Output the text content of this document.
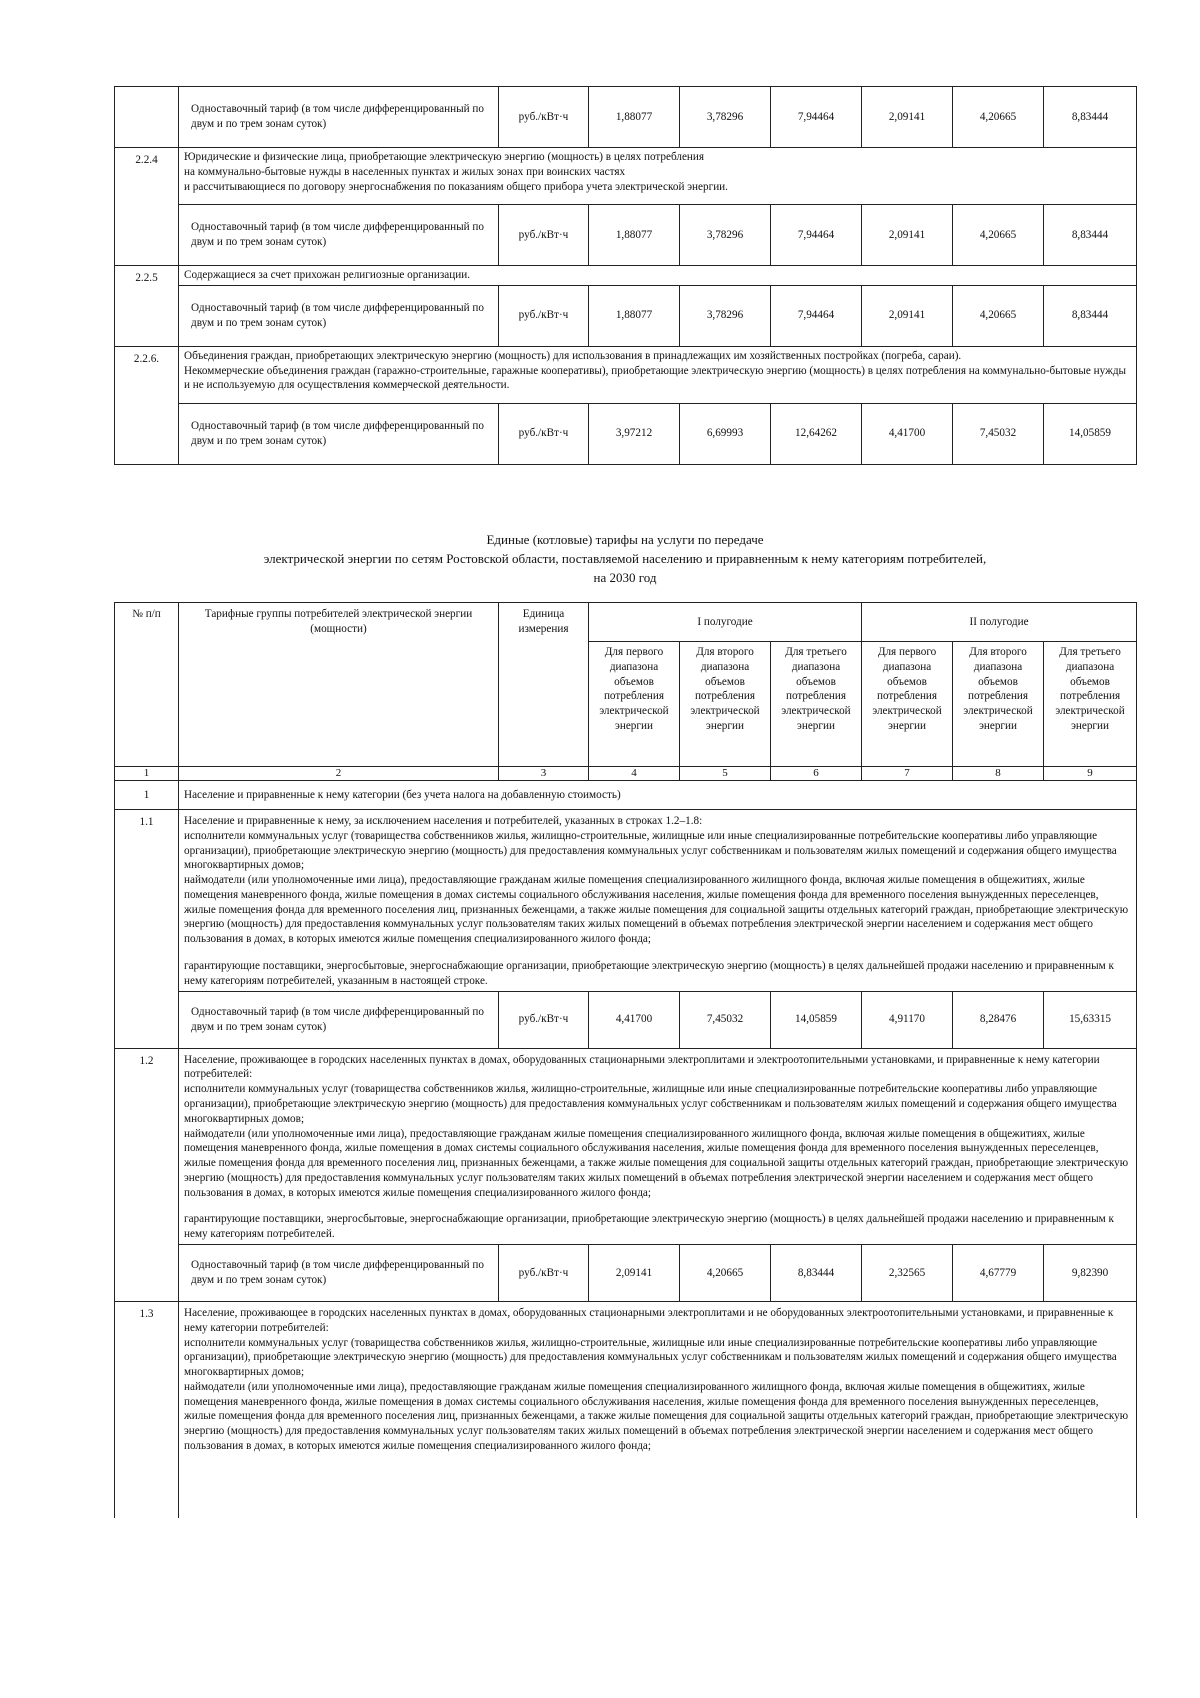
	Одноставочный тариф (в том числе дифференцированный по двум и по трем зонам суток)	руб./кВт·ч	1,88077	3,78296	7,94464	2,09141	4,20665	8,83444
2.2.4	Юридические и физические лица, приобретающие электрическую энергию (мощность) в целях потребления
на коммунально-бытовые нужды в населенных пунктах и жилых зонах при воинских частях
и рассчитывающиеся по договору энергоснабжения по показаниям общего прибора учета электрической энергии.							

	Одноставочный тариф (в том числе дифференцированный по двум и по трем зонам суток)	руб./кВт·ч	1,88077	3,78296	7,94464	2,09141	4,20665	8,83444
2.2.5	Содержащиеся за счет прихожан религиозные организации.							
	Одноставочный тариф (в том числе дифференцированный по двум и по трем зонам суток)	руб./кВт·ч	1,88077	3,78296	7,94464	2,09141	4,20665	8,83444
2.2.6.	Объединения граждан, приобретающих электрическую энергию (мощность) для использования в принадлежащих им хозяйственных постройках (погреба, сараи).
Некоммерческие объединения граждан (гаражно-строительные, гаражные кооперативы), приобретающие электрическую энергию (мощность) в целях потребления на коммунально-бытовые нужды и не используемую для осуществления коммерческой деятельности.							

	Одноставочный тариф (в том числе дифференцированный по двум и по трем зонам суток)	руб./кВт·ч	3,97212	6,69993	12,64262	4,41700	7,45032	14,05859
Единые (котловые) тарифы на услуги по передаче
электрической энергии по сетям Ростовской области, поставляемой населению и приравненным к нему категориям потребителей,
на 2030 год
№ п/п	Тарифные группы потребителей электрической энергии (мощности)	Единица измерения	I полугодие			II полугодие		
			Для первого диапазона объемов потребления электрической энергии	Для второго диапазона объемов потребления электрической энергии	Для третьего диапазона объемов потребления электрической энергии	Для первого диапазона объемов потребления электрической энергии	Для второго диапазона объемов потребления электрической энергии	Для третьего диапазона объемов потребления электрической энергии
1	2	3	4	5	6	7	8	9
1	Население и приравненные к нему категории (без учета налога на добавленную стоимость)							
1.1	Население и приравненные к нему, за исключением населения и потребителей, указанных в строках 1.2–1.8:
исполнители коммунальных услуг (товарищества собственников жилья, жилищно-строительные, жилищные или иные специализированные потребительские кооперативы либо управляющие организации), приобретающие электрическую энергию (мощность) для предоставления коммунальных услуг собственникам и пользователям жилых помещений и содержания общего имущества многоквартирных домов;
наймодатели (или уполномоченные ими лица), предоставляющие гражданам жилые помещения специализированного жилищного фонда, включая жилые помещения в общежитиях, жилые помещения маневренного фонда, жилые помещения в домах системы социального обслуживания населения, жилые помещения фонда для временного поселения вынужденных переселенцев, жилые помещения фонда для временного поселения лиц, признанных беженцами, а также жилые помещения для социальной защиты отдельных категорий граждан, приобретающие электрическую энергию (мощность) для предоставления коммунальных услуг пользователям таких жилых помещений в объемах потребления электрической энергии населением и содержания мест общего пользования в домах, в которых имеются жилые помещения специализированного жилого фонда;
гарантирующие поставщики, энергосбытовые, энергоснабжающие организации, приобретающие электрическую энергию (мощность) в целях дальнейшей продажи населению и приравненным к нему категориям потребителей, указанным в настоящей строке.							

	Одноставочный тариф (в том числе дифференцированный по двум и по трем зонам суток)	руб./кВт·ч	4,41700	7,45032	14,05859	4,91170	8,28476	15,63315
1.2	Население, проживающее в городских населенных пунктах в домах, оборудованных стационарными электроплитами и электроотопительными установками, и приравненные к нему категории потребителей:
исполнители коммунальных услуг (товарищества собственников жилья, жилищно-строительные, жилищные или иные специализированные потребительские кооперативы либо управляющие организации), приобретающие электрическую энергию (мощность) для предоставления коммунальных услуг собственникам и пользователям жилых помещений и содержания общего имущества многоквартирных домов;
наймодатели (или уполномоченные ими лица), предоставляющие гражданам жилые помещения специализированного жилищного фонда, включая жилые помещения в общежитиях, жилые помещения маневренного фонда, жилые помещения в домах системы социального обслуживания населения, жилые помещения фонда для временного поселения вынужденных переселенцев, жилые помещения фонда для временного поселения лиц, признанных беженцами, а также жилые помещения для социальной защиты отдельных категорий граждан, приобретающие электрическую энергию (мощность) для предоставления коммунальных услуг пользователям таких жилых помещений в объемах потребления электрической энергии населением и содержания мест общего пользования в домах, в которых имеются жилые помещения специализированного жилого фонда;
гарантирующие поставщики, энергосбытовые, энергоснабжающие организации, приобретающие электрическую энергию (мощность) в целях дальнейшей продажи населению и приравненным к нему категориям потребителей.							

	Одноставочный тариф (в том числе дифференцированный по двум и по трем зонам суток)	руб./кВт·ч	2,09141	4,20665	8,83444	2,32565	4,67779	9,82390
1.3	Население, проживающее в городских населенных пунктах в домах, оборудованных стационарными электроплитами и не оборудованных электроотопительными установками, и приравненные к нему категории потребителей:
исполнители коммунальных услуг (товарищества собственников жилья, жилищно-строительные, жилищные или иные специализированные потребительские кооперативы либо управляющие организации), приобретающие электрическую энергию (мощность) для предоставления коммунальных услуг собственникам и пользователям жилых помещений и содержания общего имущества многоквартирных домов;
наймодатели (или уполномоченные ими лица), предоставляющие гражданам жилые помещения специализированного жилищного фонда, включая жилые помещения в общежитиях, жилые помещения маневренного фонда, жилые помещения в домах системы социального обслуживания населения, жилые помещения фонда для временного поселения вынужденных переселенцев, жилые помещения фонда для временного поселения лиц, признанных беженцами, а также жилые помещения для социальной защиты отдельных категорий граждан, приобретающие электрическую энергию (мощность) для предоставления коммунальных услуг пользователям таких жилых помещений в объемах потребления электрической энергии населением и содержания мест общего пользования в домах, в которых имеются жилые помещения специализированного жилого фонда;							
